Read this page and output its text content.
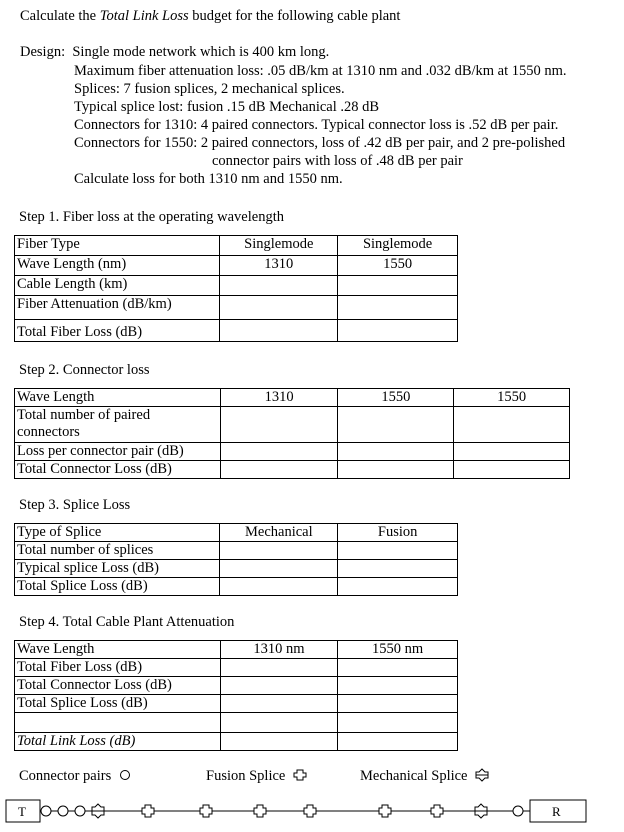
Calculate the Total Link Loss budget for the following cable plant
Design: Single mode network which is 400 km long.
Maximum fiber attenuation loss: .05 dB/km at 1310 nm and .032 dB/km at 1550 nm.
Splices: 7 fusion splices, 2 mechanical splices.
Typical splice lost: fusion .15 dB Mechanical .28 dB
Connectors for 1310: 4 paired connectors. Typical connector loss is .52 dB per pair.
Connectors for 1550: 2 paired connectors, loss of .42 dB per pair, and 2 pre-polished
connector pairs with loss of .48 dB per pair
Calculate loss for both 1310 nm and 1550 nm.
Step 1. Fiber loss at the operating wavelength
Fiber Type	Singlemode	Singlemode
Wave Length (nm)	1310	1550
Cable Length (km)		
Fiber Attenuation (dB/km)		
Total Fiber Loss (dB)		
Step 2. Connector loss
Wave Length	1310	1550	1550
Total number of paired connectors			
Loss per connector pair (dB)			
Total Connector Loss (dB)			
Step 3. Splice Loss
Type of Splice	Mechanical	Fusion
Total number of splices		
Typical splice Loss (dB)		
Total Splice Loss (dB)		
Step 4. Total Cable Plant Attenuation
Wave Length	1310 nm	1550 nm
Total Fiber Loss (dB)		
Total Connector Loss (dB)		
Total Splice Loss (dB)		

Total Link Loss (dB)		
Connector pairs	Fusion Splice	Mechanical Splice
T	R
